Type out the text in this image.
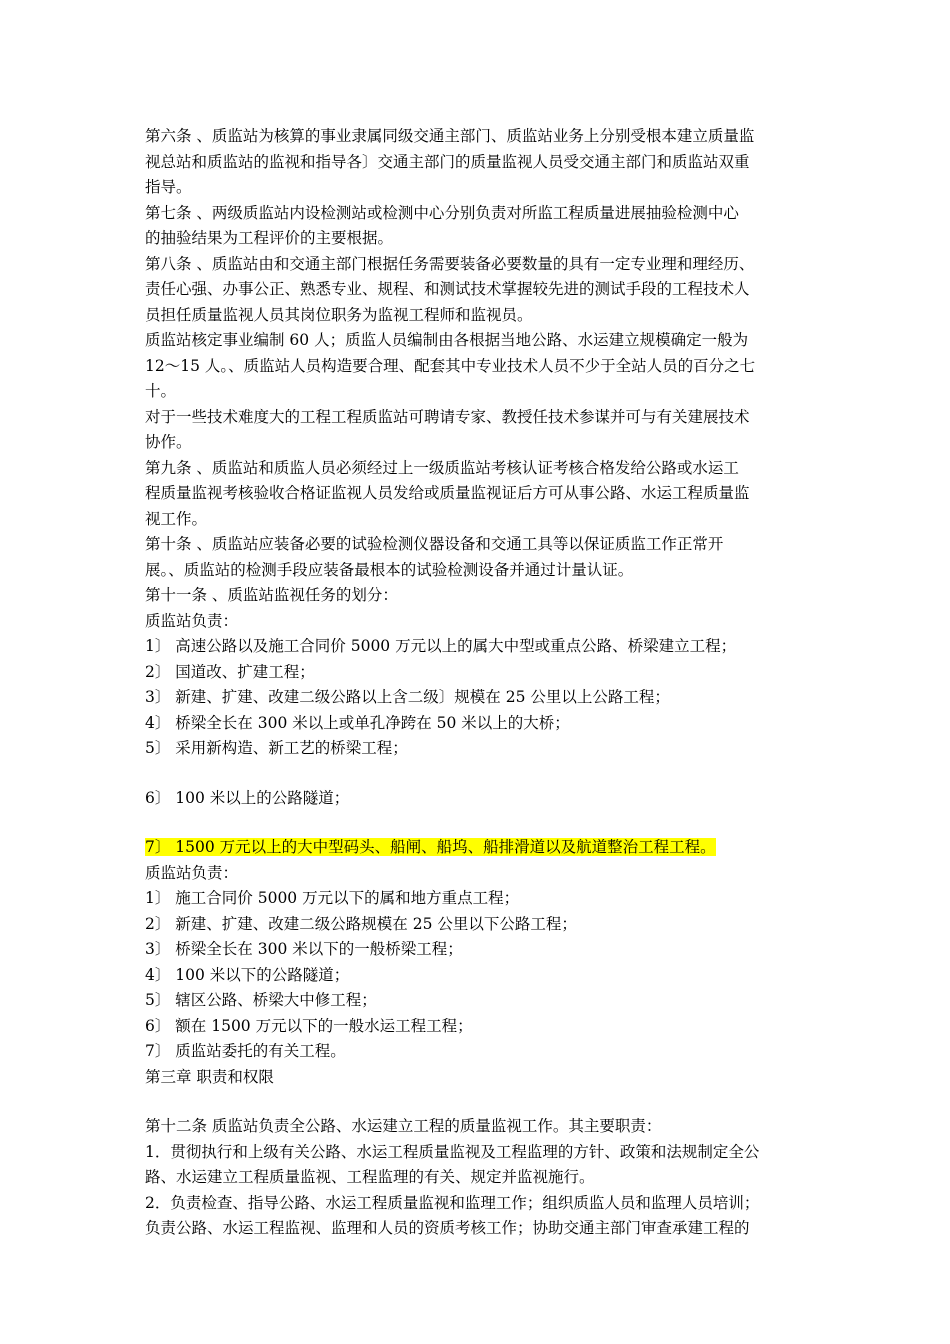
第六条 、质监站为核算的事业隶属同级交通主部门、质监站业务上分别受根本建立质量监
视总站和质监站的监视和指导各〕交通主部门的质量监视人员受交通主部门和质监站双重
指导。
第七条 、两级质监站内设检测站或检测中心分别负责对所监工程质量进展抽验检测中心
的抽验结果为工程评价的主要根据。
第八条 、质监站由和交通主部门根据任务需要装备必要数量的具有一定专业理和理经历、
责任心强、办事公正、熟悉专业、规程、和测试技术掌握较先进的测试手段的工程技术人
员担任质量监视人员其岗位职务为监视工程师和监视员。
质监站核定事业编制 60 人；质监人员编制由各根据当地公路、水运建立规模确定一般为
12～15 人。、质监站人员构造要合理、配套其中专业技术人员不少于全站人员的百分之七
十。
对于一些技术难度大的工程工程质监站可聘请专家、教授任技术参谋并可与有关建展技术
协作。
第九条 、质监站和质监人员必须经过上一级质监站考核认证考核合格发给公路或水运工
程质量监视考核验收合格证监视人员发给或质量监视证后方可从事公路、水运工程质量监
视工作。
第十条 、质监站应装备必要的试验检测仪器设备和交通工具等以保证质监工作正常开
展。、质监站的检测手段应装备最根本的试验检测设备并通过计量认证。
第十一条 、质监站监视任务的划分：
质监站负责：
1〕 高速公路以及施工合同价 5000 万元以上的属大中型或重点公路、桥梁建立工程；
2〕 国道改、扩建工程；
3〕 新建、扩建、改建二级公路以上含二级〕规模在 25 公里以上公路工程；
4〕 桥梁全长在 300 米以上或单孔净跨在 50 米以上的大桥；
5〕 采用新构造、新工艺的桥梁工程；
6〕 100 米以上的公路隧道；
7〕 1500 万元以上的大中型码头、船闸、船坞、船排滑道以及航道整治工程工程。
质监站负责：
1〕 施工合同价 5000 万元以下的属和地方重点工程；
2〕 新建、扩建、改建二级公路规模在 25 公里以下公路工程；
3〕 桥梁全长在 300 米以下的一般桥梁工程；
4〕 100 米以下的公路隧道；
5〕 辖区公路、桥梁大中修工程；
6〕 额在 1500 万元以下的一般水运工程工程；
7〕 质监站委托的有关工程。
第三章 职责和权限
第十二条 质监站负责全公路、水运建立工程的质量监视工作。其主要职责：
1．贯彻执行和上级有关公路、水运工程质量监视及工程监理的方针、政策和法规制定全公
路、水运建立工程质量监视、工程监理的有关、规定并监视施行。
2．负责检查、指导公路、水运工程质量监视和监理工作；组织质监人员和监理人员培训；
负责公路、水运工程监视、监理和人员的资质考核工作；协助交通主部门审查承建工程的
